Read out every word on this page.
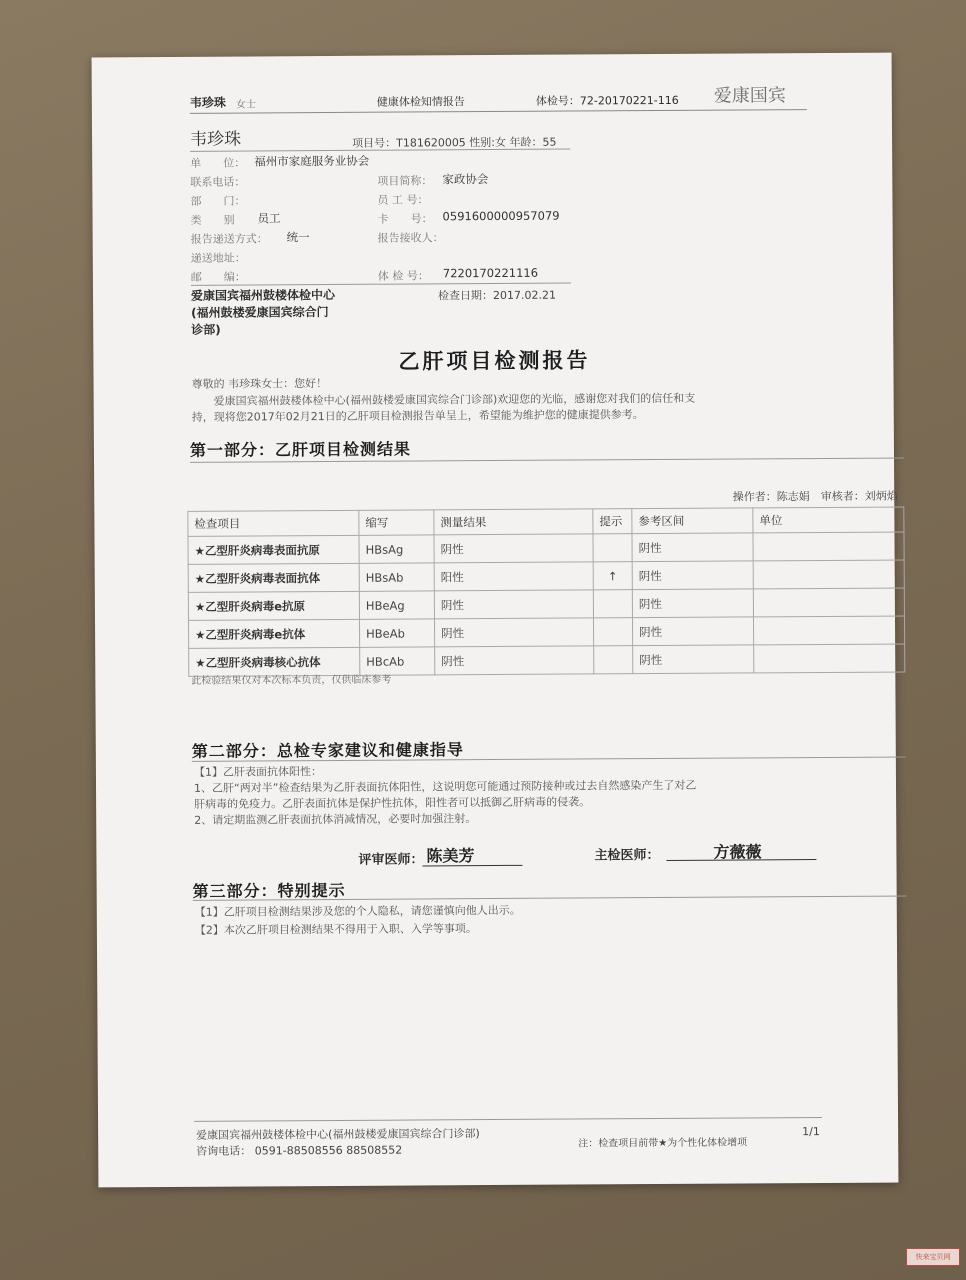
韦珍珠 女士	健康体检知情报告	体检号：72-20170221-116 爱康国宾
韦珍珠	项目号：T181620005 性别:女 年龄：55
单　　位： 福州市家庭服务业协会
联系电话：	项目简称： 家政协会
部　　门：	员 工 号：
类　　别 员工	卡　　号： 0591600000957079
报告递送方式： 统一	报告接收人：
递送地址：
邮　　编：	体 检 号： 7220170221116
爱康国宾福州鼓楼体检中心
(福州鼓楼爱康国宾综合门
诊部)
检查日期：2017.02.21
乙肝项目检测报告
尊敬的 韦珍珠女士：您好！
爱康国宾福州鼓楼体检中心(福州鼓楼爱康国宾综合门诊部)欢迎您的光临，感谢您对我们的信任和支
持，现将您2017年02月21日的乙肝项目检测报告单呈上，希望能为维护您的健康提供参考。
第一部分：乙肝项目检测结果
操作者：陈志娟　审核者：刘炳焰					
检查项目	缩写	测量结果	提示	参考区间	单位
★乙型肝炎病毒表面抗原	HBsAg	阴性		阴性	
★乙型肝炎病毒表面抗体	HBsAb	阳性	↑	阴性	
★乙型肝炎病毒e抗原	HBeAg	阴性		阴性	
★乙型肝炎病毒e抗体	HBeAb	阴性		阴性	
★乙型肝炎病毒核心抗体	HBcAb	阴性		阴性	
此检验结果仅对本次标本负责，仅供临床参考
第二部分：总检专家建议和健康指导
【1】乙肝表面抗体阳性：
1、乙肝“两对半”检查结果为乙肝表面抗体阳性，这说明您可能通过预防接种或过去自然感染产生了对乙
肝病毒的免疫力。乙肝表面抗体是保护性抗体，阳性者可以抵御乙肝病毒的侵袭。
2、请定期监测乙肝表面抗体消减情况，必要时加强注射。
评审医师： 陈美芳	主检医师：	方薇薇
第三部分：特别提示
【1】乙肝项目检测结果涉及您的个人隐私，请您谨慎向他人出示。
【2】本次乙肝项目检测结果不得用于入职、入学等事项。
爱康国宾福州鼓楼体检中心(福州鼓楼爱康国宾综合门诊部)
咨询电话： 0591-88508556 88508552
注：检查项目前带★为个性化体检增项
1/1
快来宝贝网
